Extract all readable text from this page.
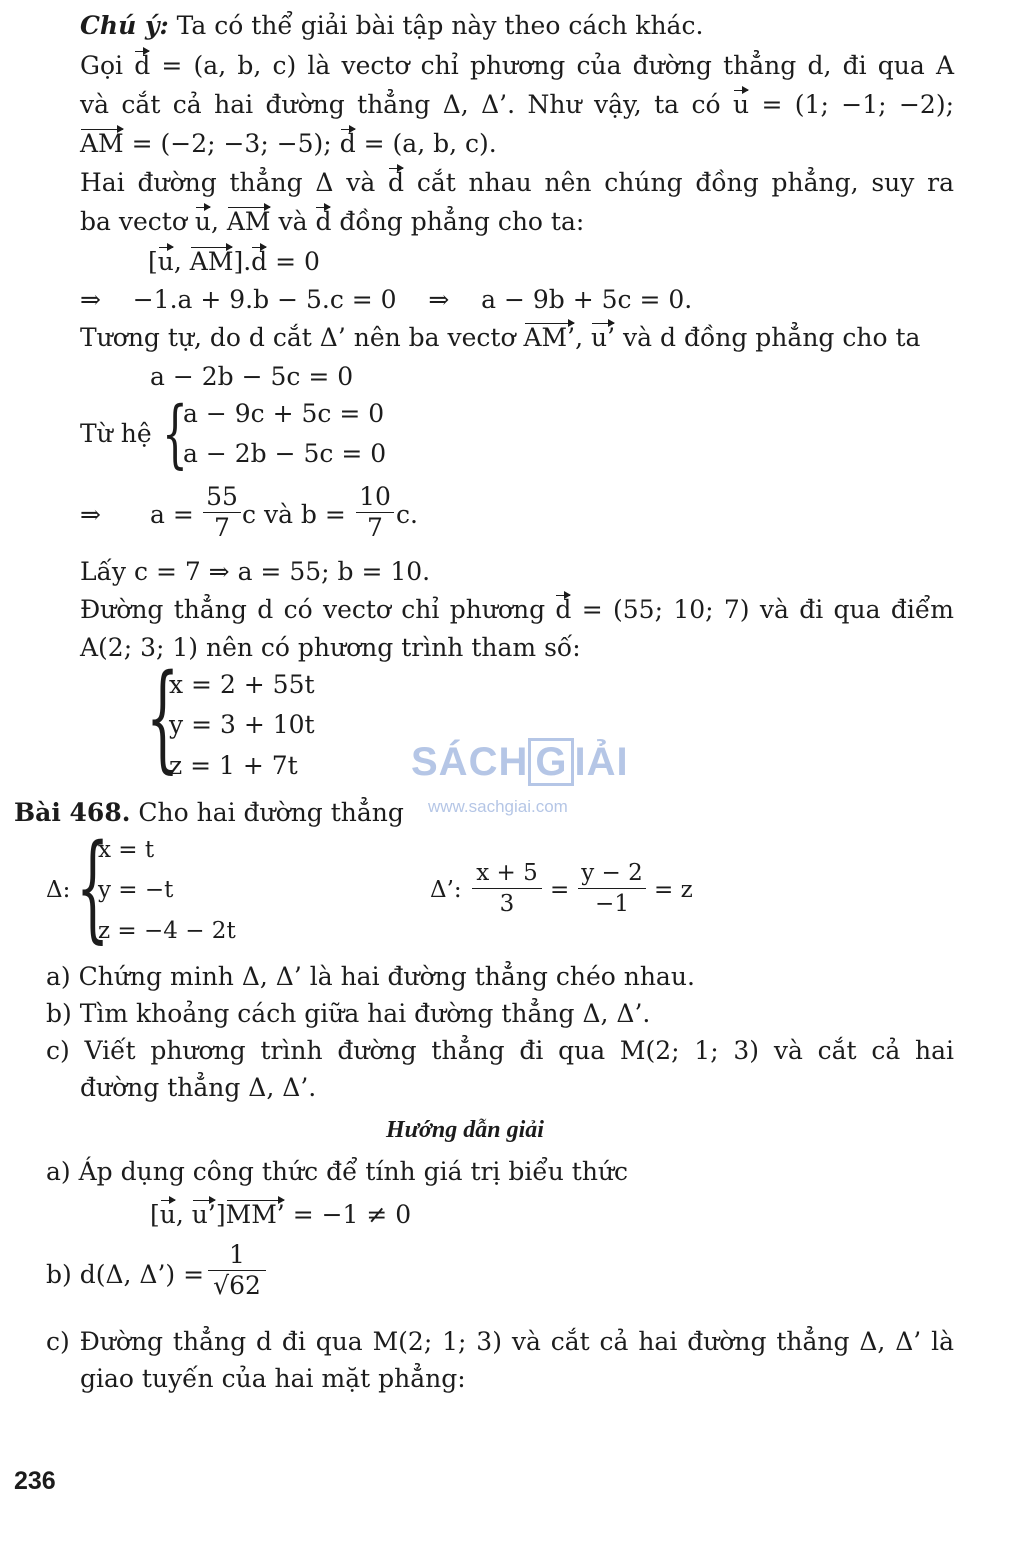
Chú ý: Ta có thể giải bài tập này theo cách khác.
Gọi d = (a, b, c) là vectơ chỉ phương của đường thẳng d, đi qua A
và cắt cả hai đường thẳng Δ, Δ’. Như vậy, ta có u = (1; −1; −2);
AM = (−2; −3; −5); d = (a, b, c).
Hai đường thẳng Δ và d cắt nhau nên chúng đồng phẳng, suy ra
ba vectơ u, AM và d đồng phẳng cho ta:
[u, AM].d = 0
⇒    −1.a + 9.b − 5.c = 0    ⇒    a − 9b + 5c = 0.
Tương tự, do d cắt Δ’ nên ba vectơ AM’, u’ và d đồng phẳng cho ta
a − 2b − 5c = 0
Từ hệ {
a − 9c + 5c = 0
a − 2b − 5c = 0
⇒ $a = \frac{55}{7}$ c và $b = \frac{10}{7} c$.
Lấy c = 7 ⇒ a = 55; b = 10.
Đường thẳng d có vectơ chỉ phương d = (55; 10; 7) và đi qua điểm
A(2; 3; 1) nên có phương trình tham số:
{
x = 2 + 55t
y = 3 + 10t
z = 1 + 7t	SÁCH G IẢI
www.sachgiai.com
Bài 468. Cho hai đường thẳng
Δ: {
x = t
y = −t
z = −4 − 2t
Δ’: $\frac{x + 5}{3} = \frac{y - 2}{-1} = z$
a) Chứng minh Δ, Δ’ là hai đường thẳng chéo nhau.
b) Tìm khoảng cách giữa hai đường thẳng Δ, Δ’.
c) Viết phương trình đường thẳng đi qua M(2; 1; 3) và cắt cả hai
đường thẳng Δ, Δ’.
Hướng dẫn giải
a) Áp dụng công thức để tính giá trị biểu thức
[u, u’]MM’ = −1 ≠ 0
b) d(Δ, Δ’) = $\frac{1}{√62}$
c) Đường thẳng d đi qua M(2; 1; 3) và cắt cả hai đường thẳng Δ, Δ’ là
giao tuyến của hai mặt phẳng:
236
